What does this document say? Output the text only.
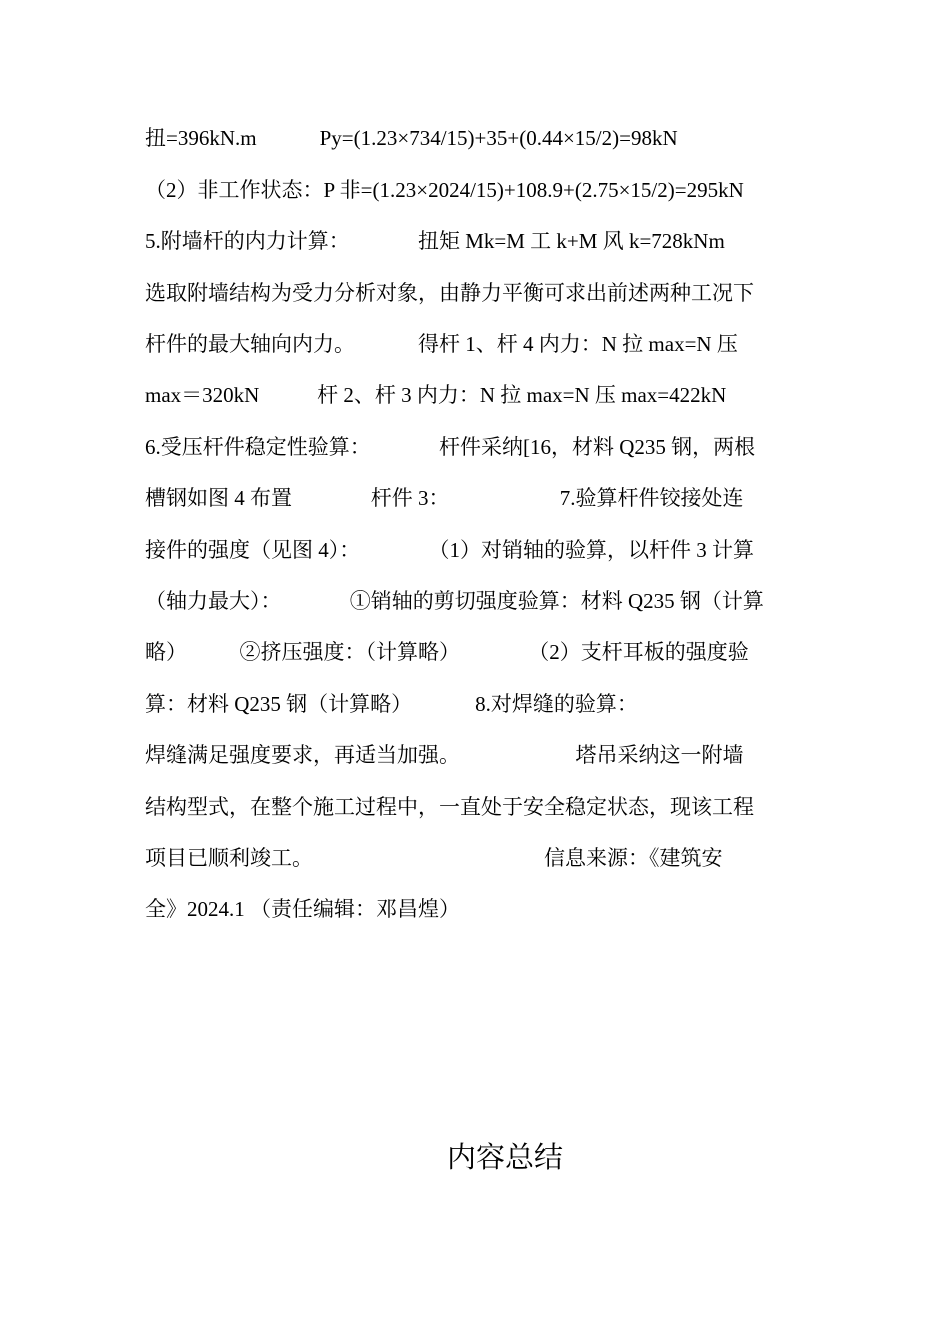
扭=396kN.m            Py=(1.23×734/15)+35+(0.44×15/2)=98kN
（2）非工作状态：P 非=(1.23×2024/15)+108.9+(2.75×15/2)=295kN
5.附墙杆的内力计算：             扭矩 Mk=M 工 k+M 风 k=728kNm
选取附墙结构为受力分析对象，由静力平衡可求出前述两种工况下
杆件的最大轴向内力。            得杆 1、杆 4 内力：N 拉 max=N 压
max＝320kN           杆 2、杆 3 内力：N 拉 max=N 压 max=422kN
6.受压杆件稳定性验算：             杆件采纳[16，材料 Q235 钢，两根
槽钢如图 4 布置               杆件 3：                     7.验算杆件铰接处连
接件的强度（见图 4）：             （1）对销轴的验算，以杆件 3 计算
（轴力最大）：             ①销轴的剪切强度验算：材料 Q235 钢（计算
略）          ②挤压强度：（计算略）             （2）支杆耳板的强度验
算：材料 Q235 钢（计算略）            8.对焊缝的验算：
焊缝满足强度要求，再适当加强。                      塔吊采纳这一附墙
结构型式，在整个施工过程中，一直处于安全稳定状态，现该工程
项目已顺利竣工。                                            信息来源：《建筑安
全》2024.1 （责任编辑：邓昌煌）
内容总结
